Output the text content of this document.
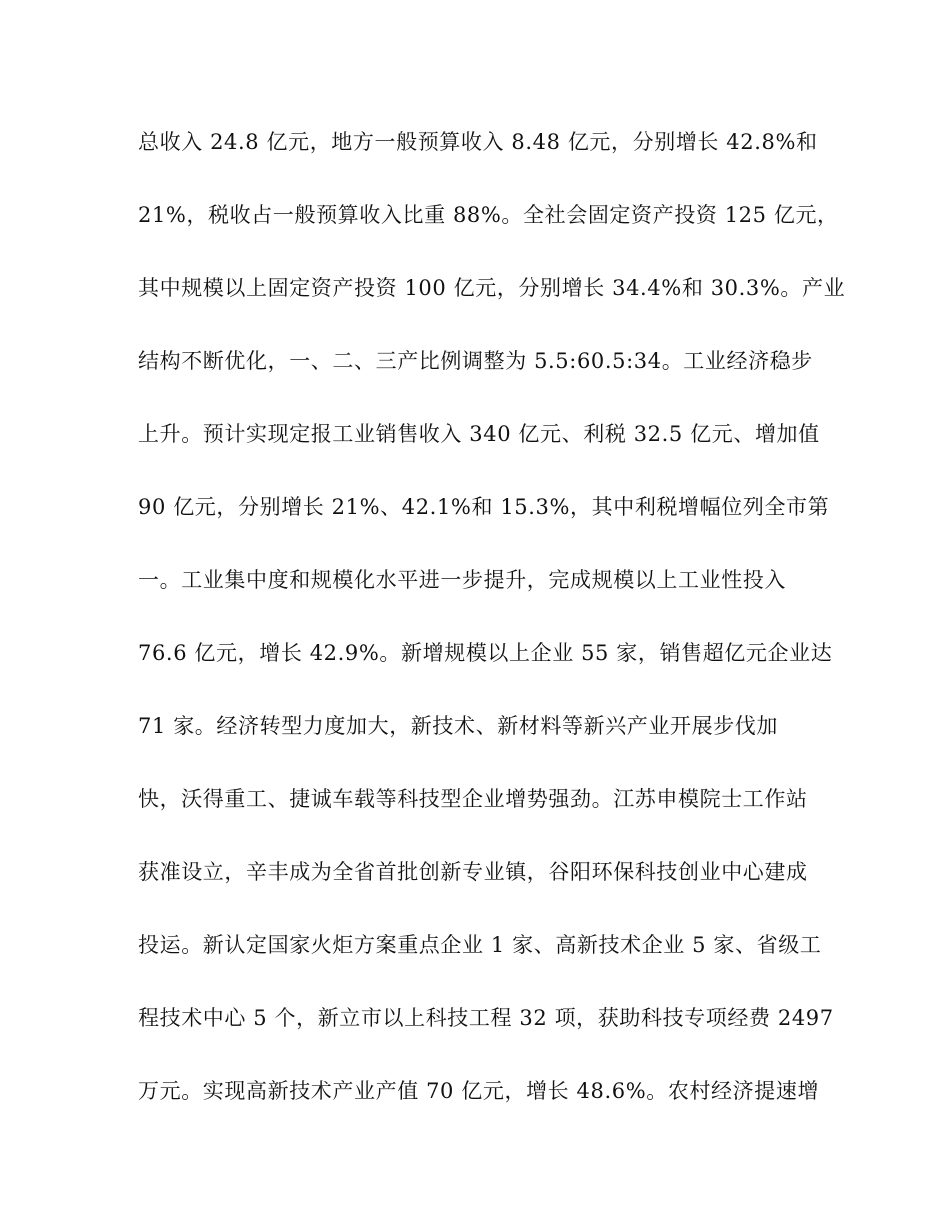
总收入 24.8 亿元，地方一般预算收入 8.48 亿元，分别增长 42.8%和
21%，税收占一般预算收入比重 88%。全社会固定资产投资 125 亿元，
其中规模以上固定资产投资 100 亿元，分别增长 34.4%和 30.3%。产业
结构不断优化，一、二、三产比例调整为 5.5:60.5:34。工业经济稳步
上升。预计实现定报工业销售收入 340 亿元、利税 32.5 亿元、增加值
90 亿元，分别增长 21%、42.1%和 15.3%，其中利税增幅位列全市第
一。工业集中度和规模化水平进一步提升，完成规模以上工业性投入
76.6 亿元，增长 42.9%。新增规模以上企业 55 家，销售超亿元企业达
71 家。经济转型力度加大，新技术、新材料等新兴产业开展步伐加
快，沃得重工、捷诚车载等科技型企业增势强劲。江苏申模院士工作站
获准设立，辛丰成为全省首批创新专业镇，谷阳环保科技创业中心建成
投运。新认定国家火炬方案重点企业 1 家、高新技术企业 5 家、省级工
程技术中心 5 个，新立市以上科技工程 32 项，获助科技专项经费 2497
万元。实现高新技术产业产值 70 亿元，增长 48.6%。农村经济提速增
